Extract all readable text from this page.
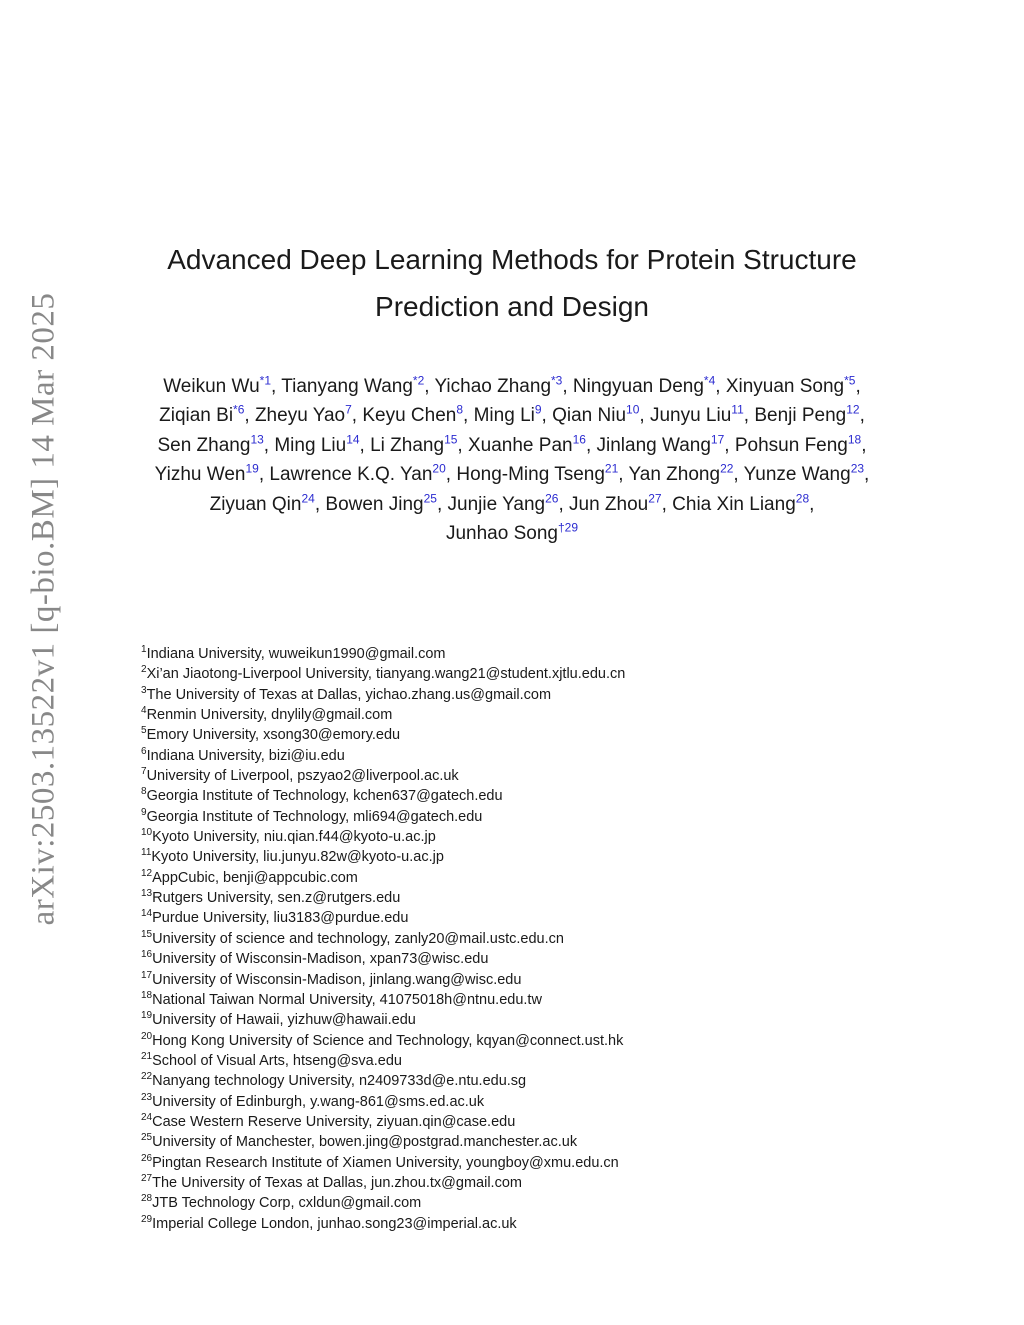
arXiv:2503.13522v1 [q-bio.BM] 14 Mar 2025
Advanced Deep Learning Methods for Protein Structure
Prediction and Design
Weikun Wu$^{*1}$, Tianyang Wang$^{*2}$, Yichao Zhang$^{*3}$, Ningyuan Deng$^{*4}$, Xinyuan Song$^{*5}$,
Ziqian Bi$^{*6}$, Zheyu Yao$^7$, Keyu Chen$^8$, Ming Li$^9$, Qian Niu$^{10}$, Junyu Liu$^{11}$, Benji Peng$^{12}$,
Sen Zhang$^{13}$, Ming Liu$^{14}$, Li Zhang$^{15}$, Xuanhe Pan$^{16}$, Jinlang Wang$^{17}$, Pohsun Feng$^{18}$,
Yizhu Wen$^{19}$, Lawrence K.Q. Yan$^{20}$, Hong-Ming Tseng$^{21}$, Yan Zhong$^{22}$, Yunze Wang$^{23}$,
Ziyuan Qin$^{24}$, Bowen Jing$^{25}$, Junjie Yang$^{26}$, Jun Zhou$^{27}$, Chia Xin Liang$^{28}$,
Junhao Song$^{\dagger 29}$
$^1$Indiana University, wuweikun1990@gmail.com
$^2$Xi’an Jiaotong-Liverpool University, tianyang.wang21@student.xjtlu.edu.cn
$^3$The University of Texas at Dallas, yichao.zhang.us@gmail.com
$^4$Renmin University, dnylily@gmail.com
$^5$Emory University, xsong30@emory.edu
$^6$Indiana University, bizi@iu.edu
$^7$University of Liverpool, pszyao2@liverpool.ac.uk
$^8$Georgia Institute of Technology, kchen637@gatech.edu
$^9$Georgia Institute of Technology, mli694@gatech.edu
$^{10}$Kyoto University, niu.qian.f44@kyoto-u.ac.jp
$^{11}$Kyoto University, liu.junyu.82w@kyoto-u.ac.jp
$^{12}$AppCubic, benji@appcubic.com
$^{13}$Rutgers University, sen.z@rutgers.edu
$^{14}$Purdue University, liu3183@purdue.edu
$^{15}$University of science and technology, zanly20@mail.ustc.edu.cn
$^{16}$University of Wisconsin-Madison, xpan73@wisc.edu
$^{17}$University of Wisconsin-Madison, jinlang.wang@wisc.edu
$^{18}$National Taiwan Normal University, 41075018h@ntnu.edu.tw
$^{19}$University of Hawaii, yizhuw@hawaii.edu
$^{20}$Hong Kong University of Science and Technology, kqyan@connect.ust.hk
$^{21}$School of Visual Arts, htseng@sva.edu
$^{22}$Nanyang technology University, n2409733d@e.ntu.edu.sg
$^{23}$University of Edinburgh, y.wang-861@sms.ed.ac.uk
$^{24}$Case Western Reserve University, ziyuan.qin@case.edu
$^{25}$University of Manchester, bowen.jing@postgrad.manchester.ac.uk
$^{26}$Pingtan Research Institute of Xiamen University, youngboy@xmu.edu.cn
$^{27}$The University of Texas at Dallas, jun.zhou.tx@gmail.com
$^{28}$JTB Technology Corp, cxldun@gmail.com
$^{29}$Imperial College London, junhao.song23@imperial.ac.uk
